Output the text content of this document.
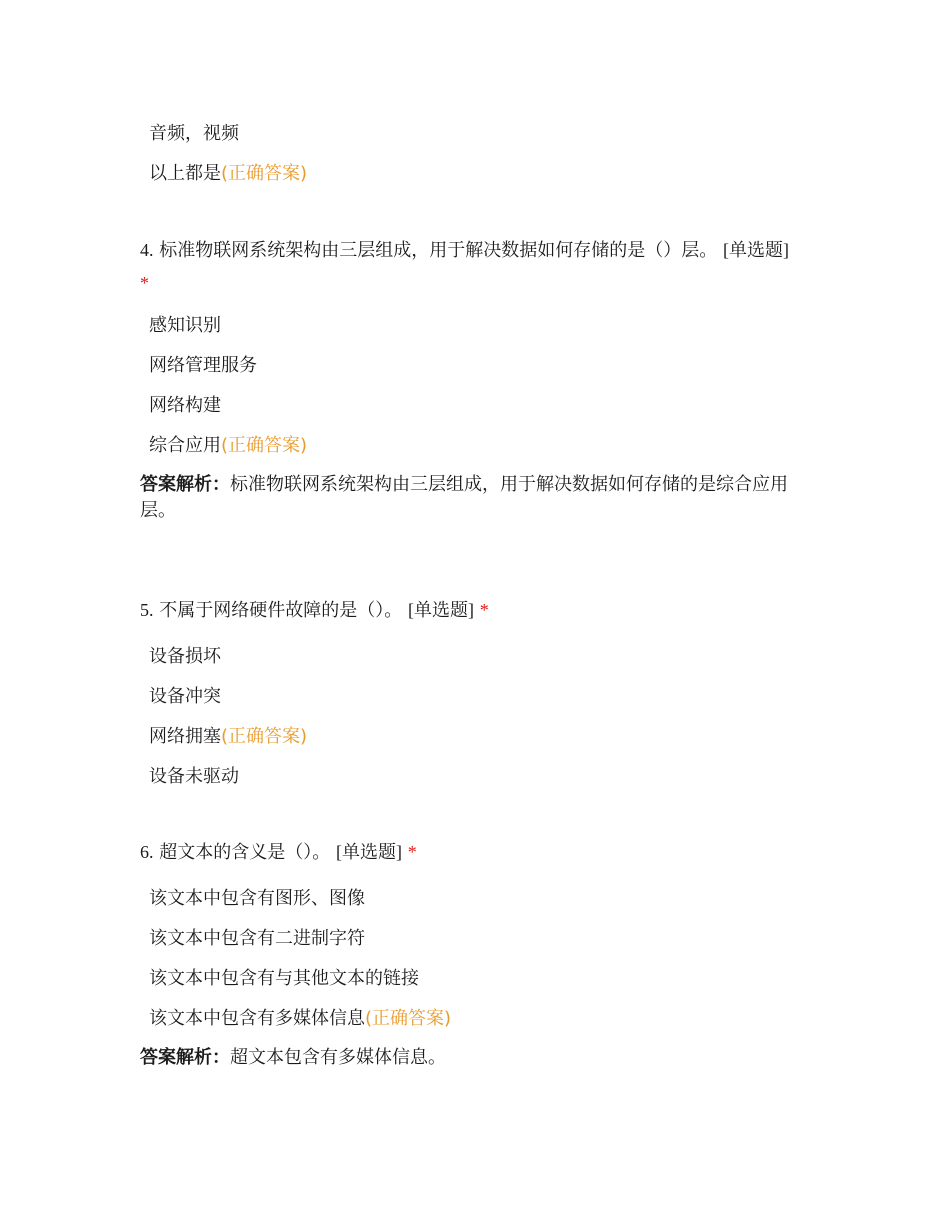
音频，视频
以上都是(正确答案)
4. 标准物联网系统架构由三层组成，用于解决数据如何存储的是（）层。 [单选题]
*
感知识别
网络管理服务
网络构建
综合应用(正确答案)
答案解析：标准物联网系统架构由三层组成，用于解决数据如何存储的是综合应用层。
5. 不属于网络硬件故障的是（）。 [单选题] *
设备损坏
设备冲突
网络拥塞(正确答案)
设备未驱动
6. 超文本的含义是（）。 [单选题] *
该文本中包含有图形、图像
该文本中包含有二进制字符
该文本中包含有与其他文本的链接
该文本中包含有多媒体信息(正确答案)
答案解析：超文本包含有多媒体信息。
